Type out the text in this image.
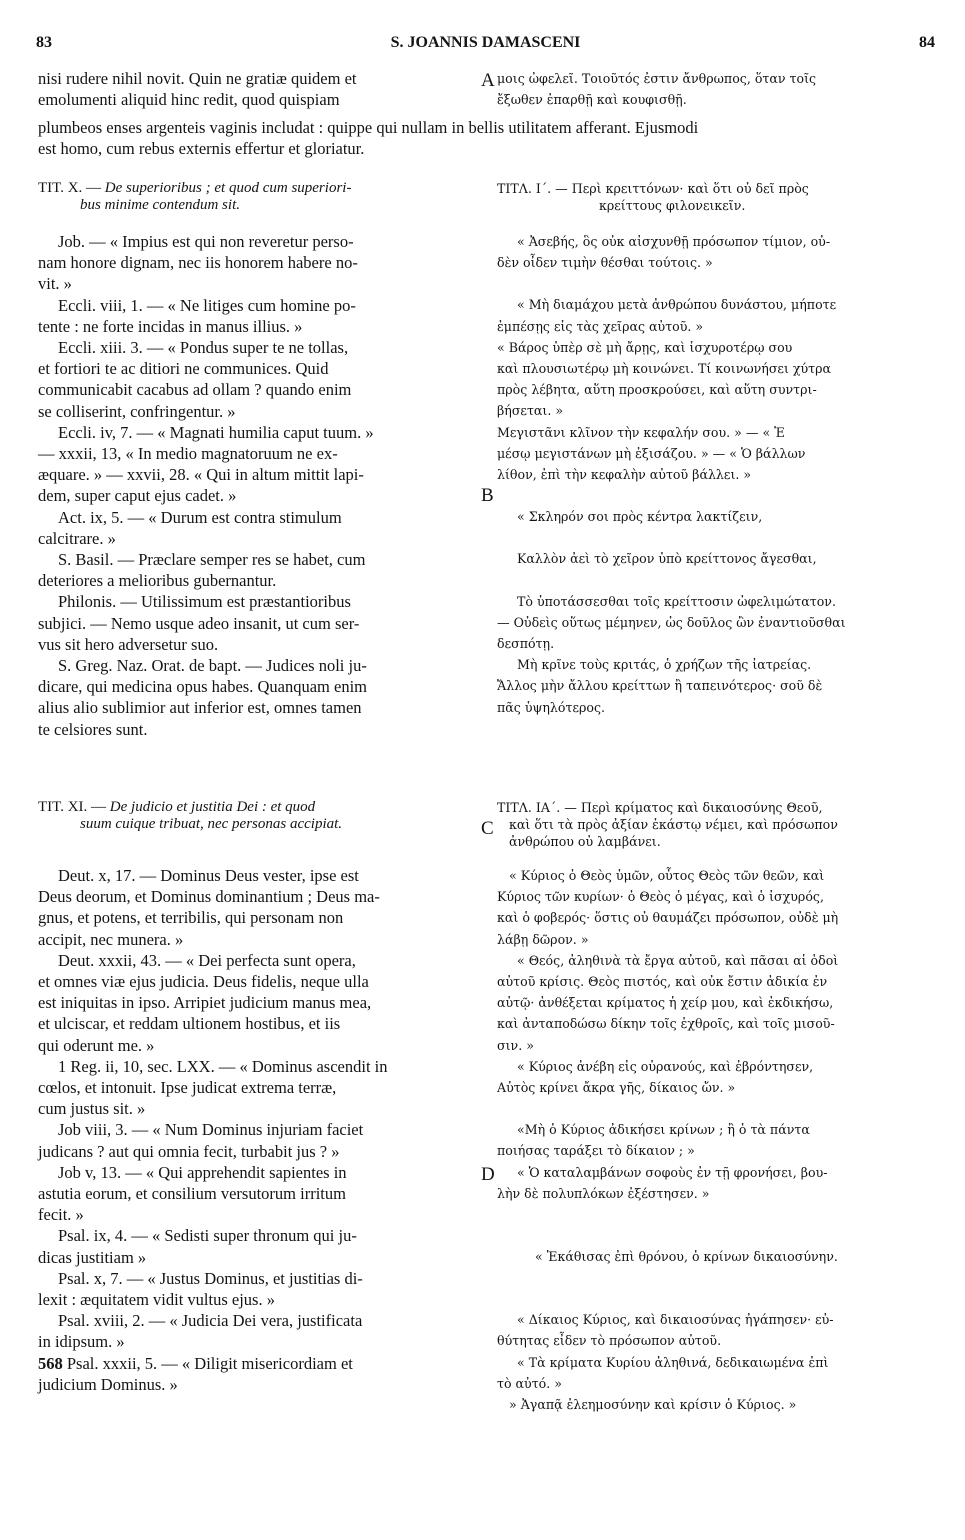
83	S. JOANNIS DAMASCENI	84
nisi rudere nihil novit. Quin ne gratiæ quidem et
emolumenti aliquid hinc redit, quod quispiam
A μοις ὠφελεῖ. Τοιοῦτός ἐστιν ἄνθρωπος, ὅταν τοῖς
ἔξωθεν ἐπαρθῇ καὶ κουφισθῇ.
plumbeos enses argenteis vaginis includat : quippe qui nullam in bellis utilitatem afferant. Ejusmodi
est homo, cum rebus externis effertur et gloriatur.
TIT. X. — De superioribus ; et quod cum superiori-
bus minime contendum sit.
ΤΙΤΛ. Ι΄. — Περὶ κρειττόνων· καὶ ὅτι οὐ δεῖ πρὸς
κρείττους φιλονεικεῖν.
Job. — « Impius est qui non reveretur perso-
nam honore dignam, nec iis honorem habere no-
vit. »
Eccli. viii, 1. — « Ne litiges cum homine po-
tente : ne forte incidas in manus illius. »
Eccli. xiii. 3. — « Pondus super te ne tollas,
et fortiori te ac ditiori ne communices. Quid
communicabit cacabus ad ollam ? quando enim
se colliserint, confringentur. »
Eccli. iv, 7. — « Magnati humilia caput tuum. »
— xxxii, 13, « In medio magnatoruum ne ex-
æquare. » — xxvii, 28. « Qui in altum mittit lapi-
dem, super caput ejus cadet. »
Act. ix, 5. — « Durum est contra stimulum
calcitrare. »
S. Basil. — Præclare semper res se habet, cum
deteriores a melioribus gubernantur.
Philonis. — Utilissimum est præstantioribus
subjici. — Nemo usque adeo insanit, ut cum ser-
vus sit hero adversetur suo.
S. Greg. Naz. Orat. de bapt. — Judices noli ju-
dicare, qui medicina opus habes. Quanquam enim
alius alio sublimior aut inferior est, omnes tamen
te celsiores sunt.
B
« Ἀσεβής, ὃς οὐκ αἰσχυνθῇ πρόσωπον τίμιον, οὐ-
δὲν οἶδεν τιμὴν θέσθαι τούτοις. »
« Μὴ διαμάχου μετὰ ἀνθρώπου δυνάστου, μήποτε
ἐμπέσῃς εἰς τὰς χεῖρας αὐτοῦ. »
« Βάρος ὑπὲρ σὲ μὴ ἄρῃς, καὶ ἰσχυροτέρῳ σου
καὶ πλουσιωτέρῳ μὴ κοινώνει. Τί κοινωνήσει χύτρα
πρὸς λέβητα, αὕτη προσκρούσει, καὶ αὕτη συντρι-
βήσεται. »
Μεγιστᾶνι κλῖνον τὴν κεφαλήν σου. » — « Ἐ
μέσῳ μεγιστάνων μὴ ἐξισάζου. » — « Ὁ βάλλων
λίθον, ἐπὶ τὴν κεφαλὴν αὐτοῦ βάλλει. »
« Σκληρόν σοι πρὸς κέντρα λακτίζειν,
Καλλὸν ἀεὶ τὸ χεῖρον ὑπὸ κρείττονος ἄγεσθαι,
Τὸ ὑποτάσσεσθαι τοῖς κρείττοσιν ὠφελιμώτατον.
— Οὐδεὶς οὕτως μέμηνεν, ὡς δοῦλος ὢν ἐναντιοῦσθαι
δεσπότῃ.
Μὴ κρῖνε τοὺς κριτάς, ὁ χρήζων τῆς ἰατρείας.
Ἄλλος μὴν ἄλλου κρείττων ἢ ταπεινότερος· σοῦ δὲ
πᾶς ὑψηλότερος.
TIT. XI. — De judicio et justitia Dei : et quod
suum cuique tribuat, nec personas accipiat.	C
ΤΙΤΛ. ΙΑ΄. — Περὶ κρίματος καὶ δικαιοσύνης Θεοῦ,
καὶ ὅτι τὰ πρὸς ἀξίαν ἑκάστῳ νέμει, καὶ πρόσωπον
ἀνθρώπου οὐ λαμβάνει.
Deut. x, 17. — Dominus Deus vester, ipse est
Deus deorum, et Dominus dominantium ; Deus ma-
gnus, et potens, et terribilis, qui personam non
accipit, nec munera. »
Deut. xxxii, 43. — « Dei perfecta sunt opera,
et omnes viæ ejus judicia. Deus fidelis, neque ulla
est iniquitas in ipso. Arripiet judicium manus mea,
et ulciscar, et reddam ultionem hostibus, et iis
qui oderunt me. »
1 Reg. ii, 10, sec. LXX. — « Dominus ascendit in
cœlos, et intonuit. Ipse judicat extrema terræ,
cum justus sit. »
Job viii, 3. — « Num Dominus injuriam faciet
judicans ? aut qui omnia fecit, turbabit jus ? »
Job v, 13. — « Qui apprehendit sapientes in
astutia eorum, et consilium versutorum irritum
fecit. »
Psal. ix, 4. — « Sedisti super thronum qui ju-
dicas justitiam »
Psal. x, 7. — « Justus Dominus, et justitias di-
lexit : æquitatem vidit vultus ejus. »
Psal. xviii, 2. — « Judicia Dei vera, justificata
in idipsum. »
568 Psal. xxxii, 5. — « Diligit misericordiam et
judicium Dominus. »
D
« Κύριος ὁ Θεὸς ὑμῶν, οὗτος Θεὸς τῶν θεῶν, καὶ
Κύριος τῶν κυρίων· ὁ Θεὸς ὁ μέγας, καὶ ὁ ἰσχυρός,
καὶ ὁ φοβερός· ὅστις οὐ θαυμάζει πρόσωπον, οὐδὲ μὴ
λάβῃ δῶρον. »
« Θεός, ἀληθινὰ τὰ ἔργα αὐτοῦ, καὶ πᾶσαι αἱ ὁδοὶ
αὐτοῦ κρίσις. Θεὸς πιστός, καὶ οὐκ ἔστιν ἀδικία ἐν
αὐτῷ· ἀνθέξεται κρίματος ἡ χείρ μου, καὶ ἐκδικήσω,
καὶ ἀνταποδώσω δίκην τοῖς ἐχθροῖς, καὶ τοῖς μισοῦ-
σιν. »
« Κύριος ἀνέβη εἰς οὐρανούς, καὶ ἐβρόντησεν,
Αὐτὸς κρίνει ἄκρα γῆς, δίκαιος ὤν. »
«Μὴ ὁ Κύριος ἀδικήσει κρίνων ; ἢ ὁ τὰ πάντα
ποιήσας ταράξει τὸ δίκαιον ; »
« Ὁ καταλαμβάνων σοφοὺς ἐν τῇ φρονήσει, βου-
λὴν δὲ πολυπλόκων ἐξέστησεν. »
« Ἐκάθισας ἐπὶ θρόνου, ὁ κρίνων δικαιοσύνην.
« Δίκαιος Κύριος, καὶ δικαιοσύνας ἠγάπησεν· εὐ-
θύτητας εἶδεν τὸ πρόσωπον αὐτοῦ.
« Τὰ κρίματα Κυρίου ἀληθινά, δεδικαιωμένα ἐπὶ
τὸ αὐτό. »
» Ἀγαπᾷ ἐλεημοσύνην καὶ κρίσιν ὁ Κύριος. »
